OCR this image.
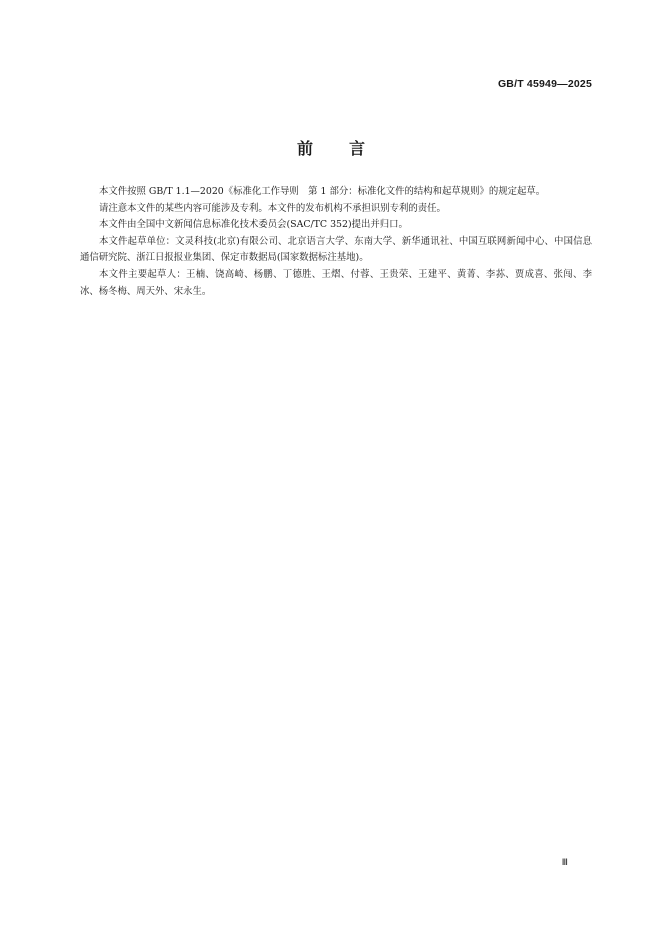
GB/T 45949—2025
前 言

本文件按照 GB/T 1.1—2020《标准化工作导则　第 1 部分：标准化文件的结构和起草规则》的规定起草。

请注意本文件的某些内容可能涉及专利。本文件的发布机构不承担识别专利的责任。

本文件由全国中文新闻信息标准化技术委员会(SAC/TC 352)提出并归口。

本文件起草单位：文灵科技(北京)有限公司、北京语言大学、东南大学、新华通讯社、中国互联网新闻中心、中国信息通信研究院、浙江日报报业集团、保定市数据局(国家数据标注基地)。

本文件主要起草人：王楠、饶高崎、杨鹏、丁德胜、王熠、付蓉、王贵荣、王建平、黄菁、李荪、贾成喜、张闯、李冰、杨冬梅、周天外、宋永生。

Ⅲ
